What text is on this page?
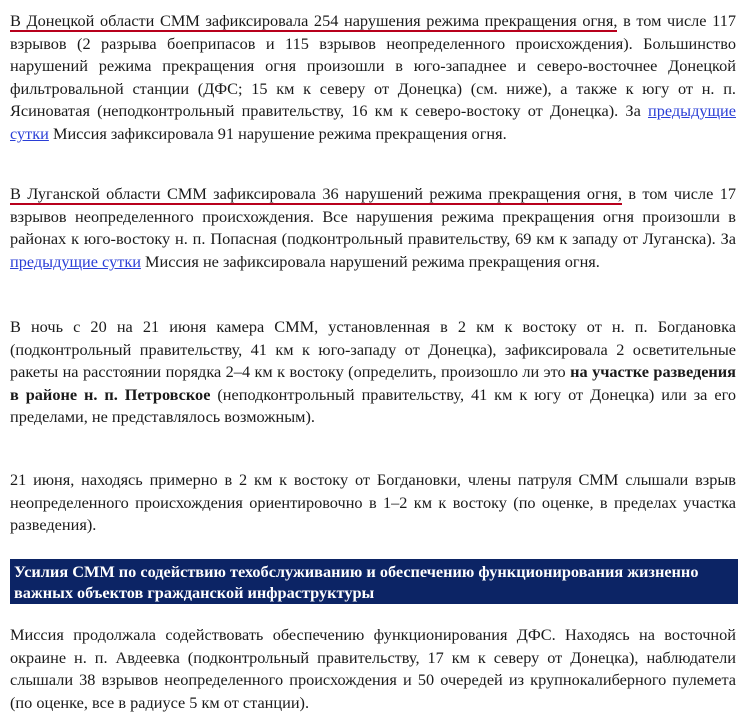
В Донецкой области СММ зафиксировала 254 нарушения режима прекращения огня, в том числе 117 взрывов (2 разрыва боеприпасов и 115 взрывов неопределенного происхождения). Большинство нарушений режима прекращения огня произошли в юго-западнее и северо-восточнее Донецкой фильтровальной станции (ДФС; 15 км к северу от Донецка) (см. ниже), а также к югу от н. п. Ясиноватая (неподконтрольный правительству, 16 км к северо-востоку от Донецка). За предыдущие сутки Миссия зафиксировала 91 нарушение режима прекращения огня.

В Луганской области СММ зафиксировала 36 нарушений режима прекращения огня, в том числе 17 взрывов неопределенного происхождения. Все нарушения режима прекращения огня произошли в районах к юго-востоку н. п. Попасная (подконтрольный правительству, 69 км к западу от Луганска). За предыдущие сутки Миссия не зафиксировала нарушений режима прекращения огня.

В ночь с 20 на 21 июня камера СММ, установленная в 2 км к востоку от н. п. Богдановка (подконтрольный правительству, 41 км к юго-западу от Донецка), зафиксировала 2 осветительные ракеты на расстоянии порядка 2–4 км к востоку (определить, произошло ли это на участке разведения в районе н. п. Петровское (неподконтрольный правительству, 41 км к югу от Донецка) или за его пределами, не представлялось возможным).

21 июня, находясь примерно в 2 км к востоку от Богдановки, члены патруля СММ слышали взрыв неопределенного происхождения ориентировочно в 1–2 км к востоку (по оценке, в пределах участка разведения).

Усилия СММ по содействию техобслуживанию и обеспечению функционирования жизненно важных объектов гражданской инфраструктуры

Миссия продолжала содействовать обеспечению функционирования ДФС. Находясь на восточной окраине н. п. Авдеевка (подконтрольный правительству, 17 км к северу от Донецка), наблюдатели слышали 38 взрывов неопределенного происхождения и 50 очередей из крупнокалиберного пулемета (по оценке, все в радиусе 5 км от станции).
